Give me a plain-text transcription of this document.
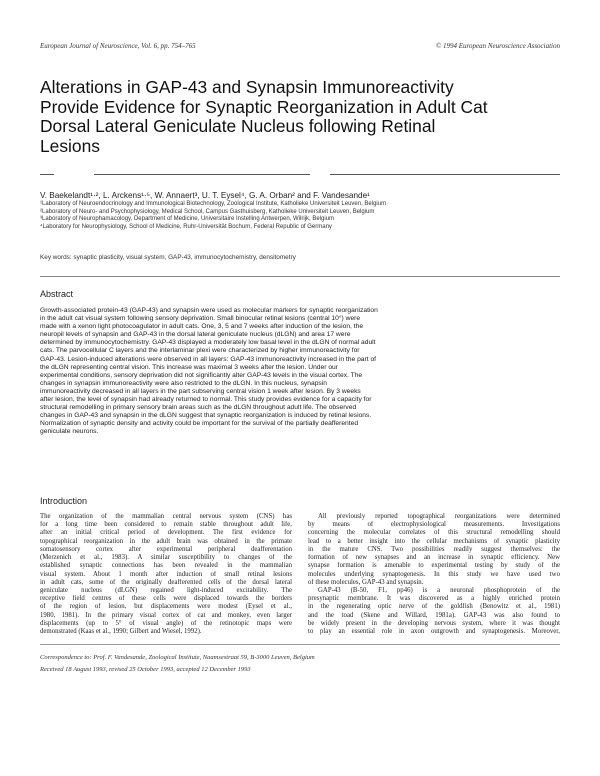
European Journal of Neuroscience, Vol. 6, pp. 754–765	© 1994 European Neuroscience Association
Alterations in GAP-43 and Synapsin Immunoreactivity
Provide Evidence for Synaptic Reorganization in Adult Cat
Dorsal Lateral Geniculate Nucleus following Retinal
Lesions
V. Baekelandt¹·², L. Arckens¹·⁵, W. Annaert³, U. T. Eysel⁴, G. A. Orban² and F. Vandesande¹
¹Laboratory of Neuroendocrinology and Immunological Biotechnology, Zoological Institute, Katholieke Universiteit Leuven, Belgium
²Laboratory of Neuro- and Psychophysiology, Medical School, Campus Gasthuisberg, Katholieke Universiteit Leuven, Belgium
³Laboratory of Neurophamacology, Department of Medicine, Universitaire Instelling Antwerpen, Wilrijk, Belgium
⁴Laboratory for Neurophysiology, School of Medicine, Ruhr-Universität Bochum, Federal Republic of Germany
Key words: synaptic plasticity, visual system, GAP-43, immunocytochemistry, densitometry
Abstract
Growth-associated protein-43 (GAP-43) and synapsin were used as molecular markers for synaptic reorganization
in the adult cat visual system following sensory deprivation. Small binocular retinal lesions (central 10°) were
made with a xenon light photocoagulator in adult cats. One, 3, 5 and 7 weeks after induction of the lesion, the
neuropil levels of synapsin and GAP-43 in the dorsal lateral geniculate nucleus (dLGN) and area 17 were
determined by immunocytochemistry. GAP-43 displayed a moderately low basal level in the dLGN of normal adult
cats. The parvocellular C layers and the interlaminar plexi were characterized by higher immunoreactivity for
GAP-43. Lesion-induced alterations were observed in all layers: GAP-43 immunoreactivity increased in the part of
the dLGN representing central vision. This increase was maximal 3 weeks after the lesion. Under our
experimental conditions, sensory deprivation did not significantly alter GAP-43 levels in the visual cortex. The
changes in synapsin immunoreactivity were also restricted to the dLGN. In this nucleus, synapsin
immunoreactivity decreased in all layers in the part subserving central vision 1 week after lesion. By 3 weeks
after lesion, the level of synapsin had already returned to normal. This study provides evidence for a capacity for
structural remodelling in primary sensory brain areas such as the dLGN throughout adult life. The observed
changes in GAP-43 and synapsin in the dLGN suggest that synaptic reorganization is induced by retinal lesions.
Normalization of synaptic density and activity could be important for the survival of the partially deafferented
geniculate neurons.
Introduction
The organization of the mammalian central nervous system (CNS) has
for a long time been considered to remain stable throughout adult life,
after an initial critical period of development. The first evidence for
topographical reorganization in the adult brain was obtained in the primate
somatosensory cortex after experimental peripheral deafferentation
(Merzenich et al., 1983). A similar susceptibility to changes of the
established synaptic connections has been revealed in the mammalian
visual system. About 1 month after induction of small retinal lesions
in adult cats, some of the originally deafferented cells of the dorsal lateral
geniculate nucleus (dLGN) regained light-induced excitability. The
receptive field centres of these cells were displaced towards the borders
of the region of lesion, but displacements were modest (Eysel et al.,
1980, 1981). In the primary visual cortex of cat and monkey, even larger
displacements (up to 5° of visual angle) of the retinotopic maps were
demonstrated (Kaas et al., 1990; Gilbert and Wiesel, 1992).
All previously reported topographical reorganizations were determined
by means of electrophysiological measurements. Investigations
concerning the molecular correlates of this structural remodelling should
lead to a better insight into the cellular mechanisms of synaptic plasticity
in the mature CNS. Two possibilities readily suggest themselves: the
formation of new synapses and an increase in synaptic efficiency. New
synapse formation is amenable to experimental testing by study of the
molecules underlying synaptogenesis. In this study we have used two
of these molecules, GAP-43 and synapsin.
GAP-43 (B-50, F1, pp46) is a neuronal phosphoprotein of the
presynaptic membrane. It was discovered as a highly enriched protein
in the regenerating optic nerve of the goldfish (Benowitz et al., 1981)
and the toad (Skene and Willard, 1981a). GAP-43 was also found to
be widely present in the developing nervous system, where it was thought
to play an essential role in axon outgrowth and synaptogenesis. Moreover,
Correspondence to: Prof. F. Vandesande, Zoological Institute, Naamsestraat 59, B-3000 Leuven, Belgium
Received 18 August 1993, revised 25 October 1993, accepted 12 December 1993
